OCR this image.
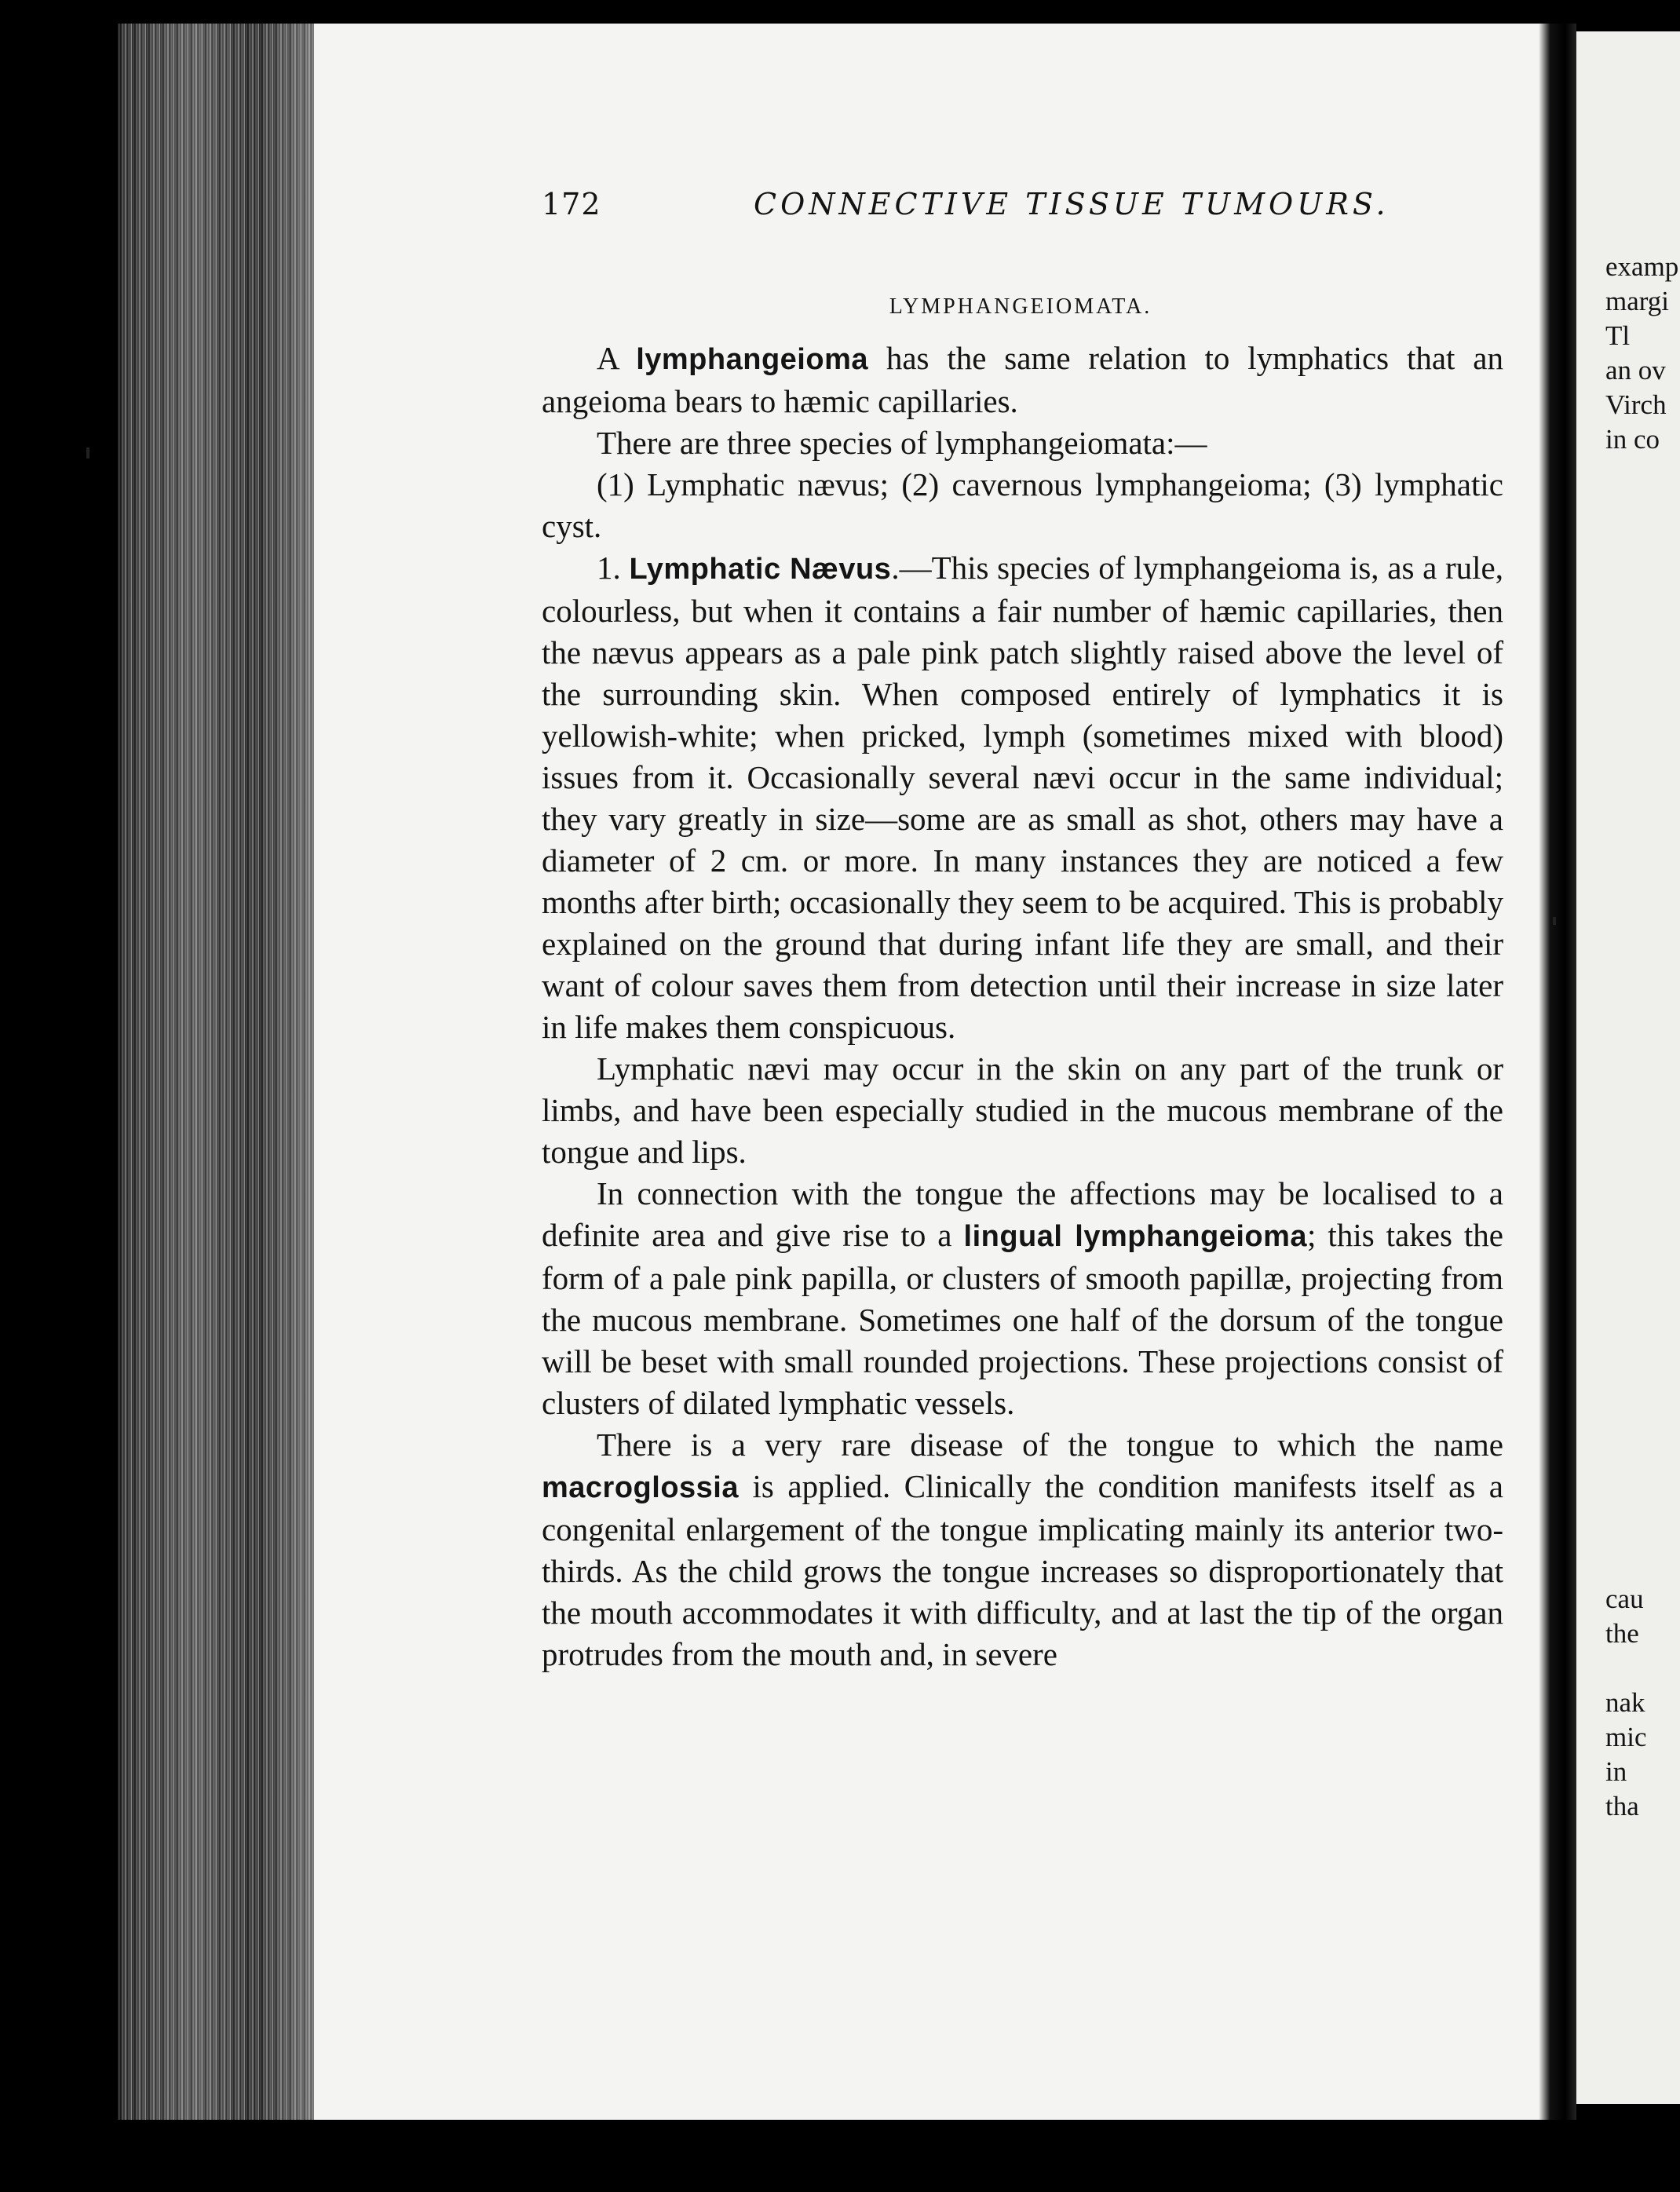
172	CONNECTIVE TISSUE TUMOURS.
LYMPHANGEIOMATA.

A lymphangeioma has the same relation to lymphatics that an angeioma bears to hæmic capillaries.

There are three species of lymphangeiomata:—

(1) Lymphatic nævus; (2) cavernous lymphangeioma; (3) lymphatic cyst.

1. Lymphatic Nævus.—This species of lymphangeioma is, as a rule, colourless, but when it contains a fair number of hæmic capillaries, then the nævus appears as a pale pink patch slightly raised above the level of the surrounding skin. When composed entirely of lymphatics it is yellowish-white; when pricked, lymph (sometimes mixed with blood) issues from it. Occasionally several nævi occur in the same individual; they vary greatly in size—some are as small as shot, others may have a diameter of 2 cm. or more. In many instances they are noticed a few months after birth; occasionally they seem to be acquired. This is probably explained on the ground that during infant life they are small, and their want of colour saves them from detection until their increase in size later in life makes them conspicuous.

Lymphatic nævi may occur in the skin on any part of the trunk or limbs, and have been especially studied in the mucous membrane of the tongue and lips.

In connection with the tongue the affections may be localised to a definite area and give rise to a lingual lymphangeioma; this takes the form of a pale pink papilla, or clusters of smooth papillæ, projecting from the mucous membrane. Sometimes one half of the dorsum of the tongue will be beset with small rounded projections. These projections consist of clusters of dilated lymphatic vessels.

There is a very rare disease of the tongue to which the name macroglossia is applied. Clinically the condition manifests itself as a congenital enlargement of the tongue implicating mainly its anterior two-thirds. As the child grows the tongue increases so disproportionately that the mouth accommodates it with difficulty, and at last the tip of the organ protrudes from the mouth and, in severe

examp
margi
Tl
an ov
Virch
in co
cau
the

nak
mic
in
tha
